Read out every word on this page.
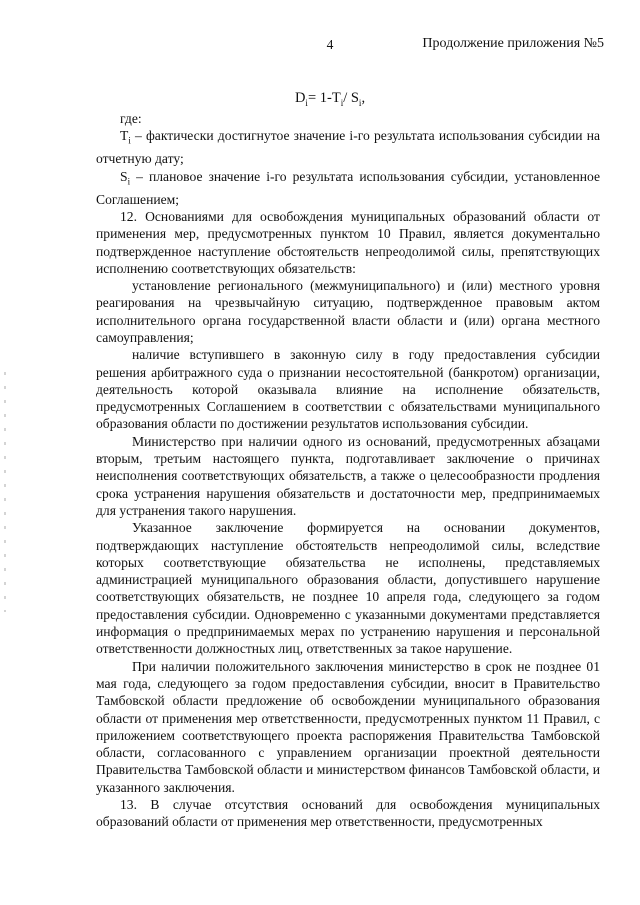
4	Продолжение приложения №5
$D_i= 1-T_i/$ $S_i$,

где:

$T_i$ – фактически достигнутое значение i-го результата использования субсидии на отчетную дату;

$S_i$ – плановое значение i-го результата использования субсидии, установленное Соглашением;

12. Основаниями для освобождения муниципальных образований области от применения мер, предусмотренных пунктом 10 Правил, является документально подтвержденное наступление обстоятельств непреодолимой силы, препятствующих исполнению соответствующих обязательств:

установление регионального (межмуниципального) и (или) местного уровня реагирования на чрезвычайную ситуацию, подтвержденное правовым актом исполнительного органа государственной власти области и (или) органа местного самоуправления;

наличие вступившего в законную силу в году предоставления субсидии решения арбитражного суда о признании несостоятельной (банкротом) организации, деятельность которой оказывала влияние на исполнение обязательств, предусмотренных Соглашением в соответствии с обязательствами муниципального образования области по достижении результатов использования субсидии.

Министерство при наличии одного из оснований, предусмотренных абзацами вторым, третьим настоящего пункта, подготавливает заключение о причинах неисполнения соответствующих обязательств, а также о целесообразности продления срока устранения нарушения обязательств и достаточности мер, предпринимаемых для устранения такого нарушения.

Указанное заключение формируется на основании документов, подтверждающих наступление обстоятельств непреодолимой силы, вследствие которых соответствующие обязательства не исполнены, представляемых администрацией муниципального образования области, допустившего нарушение соответствующих обязательств, не позднее 10 апреля года, следующего за годом предоставления субсидии. Одновременно с указанными документами представляется информация о предпринимаемых мерах по устранению нарушения и персональной ответственности должностных лиц, ответственных за такое нарушение.

При наличии положительного заключения министерство в срок не позднее 01 мая года, следующего за годом предоставления субсидии, вносит в Правительство Тамбовской области предложение об освобождении муниципального образования области от применения мер ответственности, предусмотренных пунктом 11 Правил, с приложением соответствующего проекта распоряжения Правительства Тамбовской области, согласованного с управлением организации проектной деятельности Правительства Тамбовской области и министерством финансов Тамбовской области, и указанного заключения.

13. В случае отсутствия оснований для освобождения муниципальных образований области от применения мер ответственности, предусмотренных
